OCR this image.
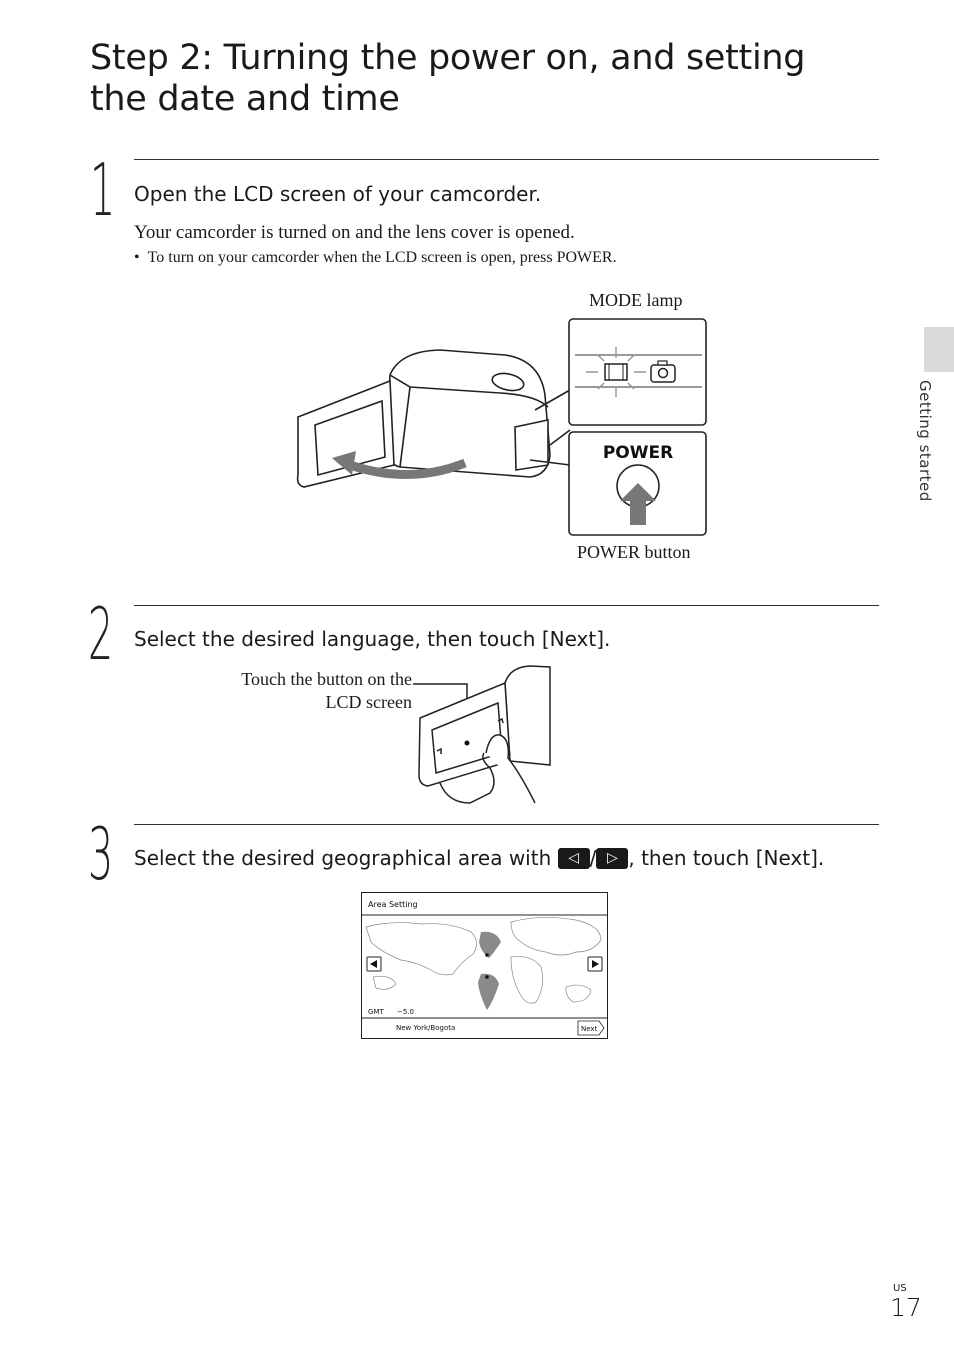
Step 2: Turning the power on, and setting the date and time
Getting started
1 Open the LCD screen of your camcorder.
Your camcorder is turned on and the lens cover is opened.
•  To turn on your camcorder when the LCD screen is open, press POWER.
MODE lamp
POWER button
POWER
2 Select the desired language, then touch [Next].
Touch the button on the
LCD screen
3 Select the desired geographical area with ◁ / ▷ , then touch [Next].
Area Setting
GMT −5.0
New York/Bogota	Next
US
17
